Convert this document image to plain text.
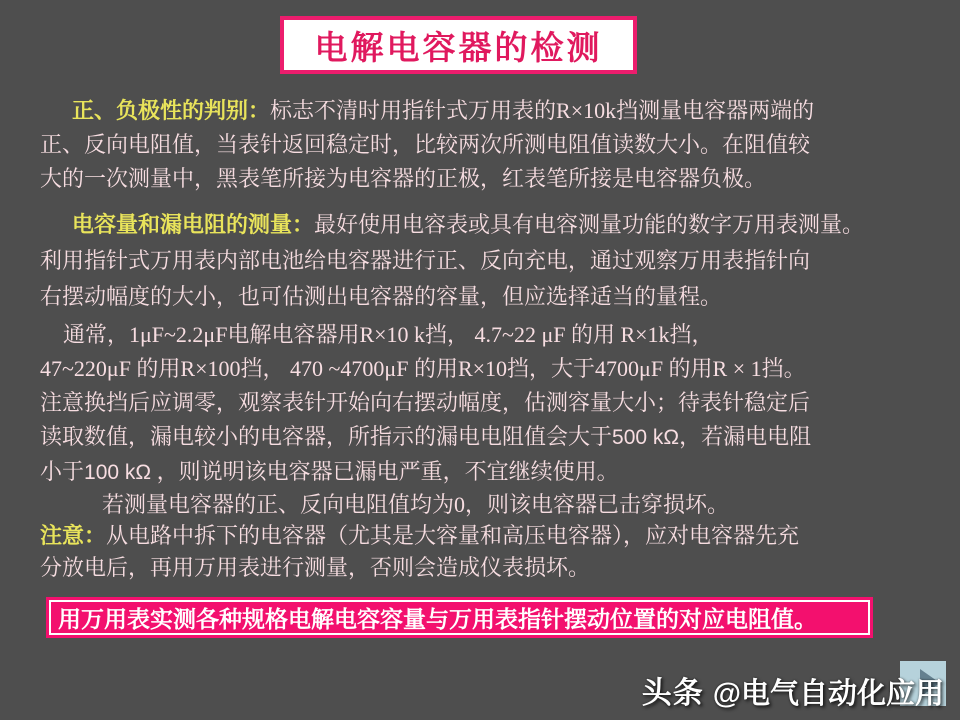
电解电容器的检测
正、负极性的判别：标志不清时用指针式万用表的R×10k挡测量电容器两端的
正、反向电阻值，当表针返回稳定时，比较两次所测电阻值读数大小。在阻值较
大的一次测量中，黑表笔所接为电容器的正极，红表笔所接是电容器负极。
电容量和漏电阻的测量：最好使用电容表或具有电容测量功能的数字万用表测量。
利用指针式万用表内部电池给电容器进行正、反向充电，通过观察万用表指针向
右摆动幅度的大小，也可估测出电容器的容量，但应选择适当的量程。
通常，1μF~2.2μF电解电容器用R×10 k挡， 4.7~22 μF 的用 R×1k挡，
47~220μF 的用R×100挡， 470 ~4700μF 的用R×10挡，大于4700μF 的用R × 1挡。
注意换挡后应调零，观察表针开始向右摆动幅度，估测容量大小；待表针稳定后
读取数值，漏电较小的电容器，所指示的漏电电阻值会大于500 kΩ，若漏电电阻
小于100 kΩ ，则说明该电容器已漏电严重，不宜继续使用。
若测量电容器的正、反向电阻值均为0，则该电容器已击穿损坏。
注意：从电路中拆下的电容器（尤其是大容量和高压电容器），应对电容器先充
分放电后，再用万用表进行测量，否则会造成仪表损坏。
用万用表实测各种规格电解电容容量与万用表指针摆动位置的对应电阻值。
头条 @电气自动化应用
